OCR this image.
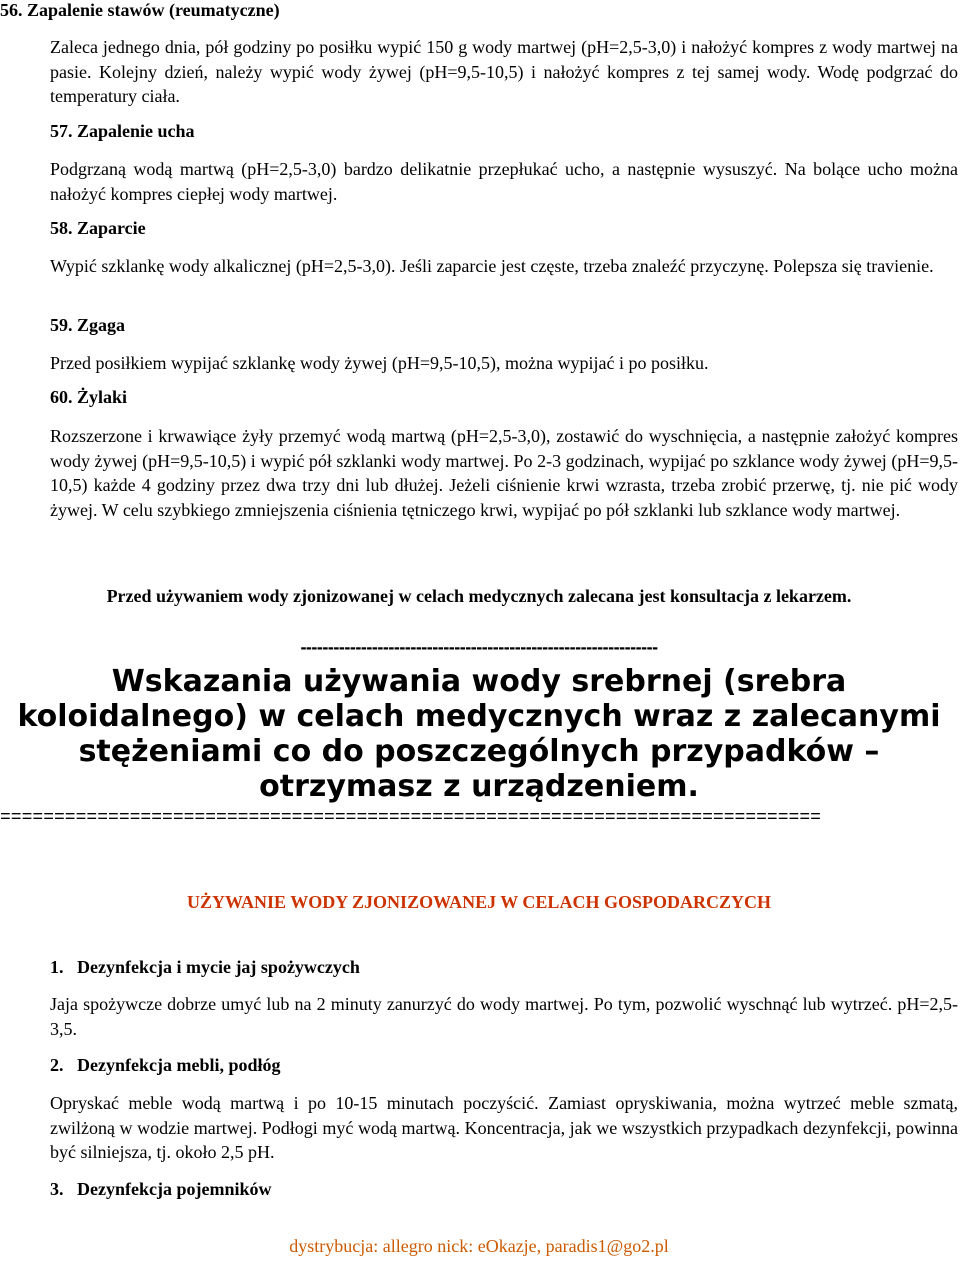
56. Zapalenie stawów (reumatyczne)
Zaleca jednego dnia, pół godziny po posiłku wypić 150 g wody martwej (pH=2,5-3,0) i nałożyć kompres z wody martwej na pasie. Kolejny dzień, należy wypić wody żywej (pH=9,5-10,5) i nałożyć kompres z tej samej wody. Wodę podgrzać do temperatury ciała.
57. Zapalenie ucha
Podgrzaną wodą martwą (pH=2,5-3,0) bardzo delikatnie przepłukać ucho, a następnie wysuszyć. Na bolące ucho można nałożyć kompres ciepłej wody martwej.
58. Zaparcie
Wypić szklankę wody alkalicznej (pH=2,5-3,0). Jeśli zaparcie jest częste, trzeba znaleźć przyczynę. Polepsza się travienie.
59. Zgaga
Przed posiłkiem wypijać szklankę wody żywej (pH=9,5-10,5), można wypijać i po posiłku.
60. Żylaki
Rozszerzone i krwawiące żyły przemyć wodą martwą (pH=2,5-3,0), zostawić do wyschnięcia, a następnie założyć kompres wody żywej (pH=9,5-10,5) i wypić pół szklanki wody martwej. Po 2-3 godzinach, wypijać po szklance wody żywej (pH=9,5-10,5) każde 4 godziny przez dwa trzy dni lub dłużej. Jeżeli ciśnienie krwi wzrasta, trzeba zrobić przerwę, tj. nie pić wody żywej. W celu szybkiego zmniejszenia ciśnienia tętniczego krwi, wypijać po pół szklanki lub szklance wody martwej.
Przed używaniem wody zjonizowanej w celach medycznych zalecana jest konsultacja z lekarzem.
-----------------------------------------------------------------
Wskazania używania wody srebrnej (srebra koloidalnego) w celach medycznych wraz z zalecanymi stężeniami co do poszczególnych przypadków – otrzymasz z urządzeniem.
============================================================================
UŻYWANIE WODY ZJONIZOWANEJ W CELACH GOSPODARCZYCH
1. Dezynfekcja i mycie jaj spożywczych
Jaja spożywcze dobrze umyć lub na 2 minuty zanurzyć do wody martwej. Po tym, pozwolić wyschnąć lub wytrzeć. pH=2,5-3,5.
2. Dezynfekcja mebli, podłóg
Opryskać meble wodą martwą i po 10-15 minutach poczyścić. Zamiast opryskiwania, można wytrzeć meble szmatą, zwilżoną w wodzie martwej. Podłogi myć wodą martwą. Koncentracja, jak we wszystkich przypadkach dezynfekcji, powinna być silniejsza, tj. około 2,5 pH.
3. Dezynfekcja pojemników
dystrybucja: allegro nick: eOkazje, paradis1@go2.pl
